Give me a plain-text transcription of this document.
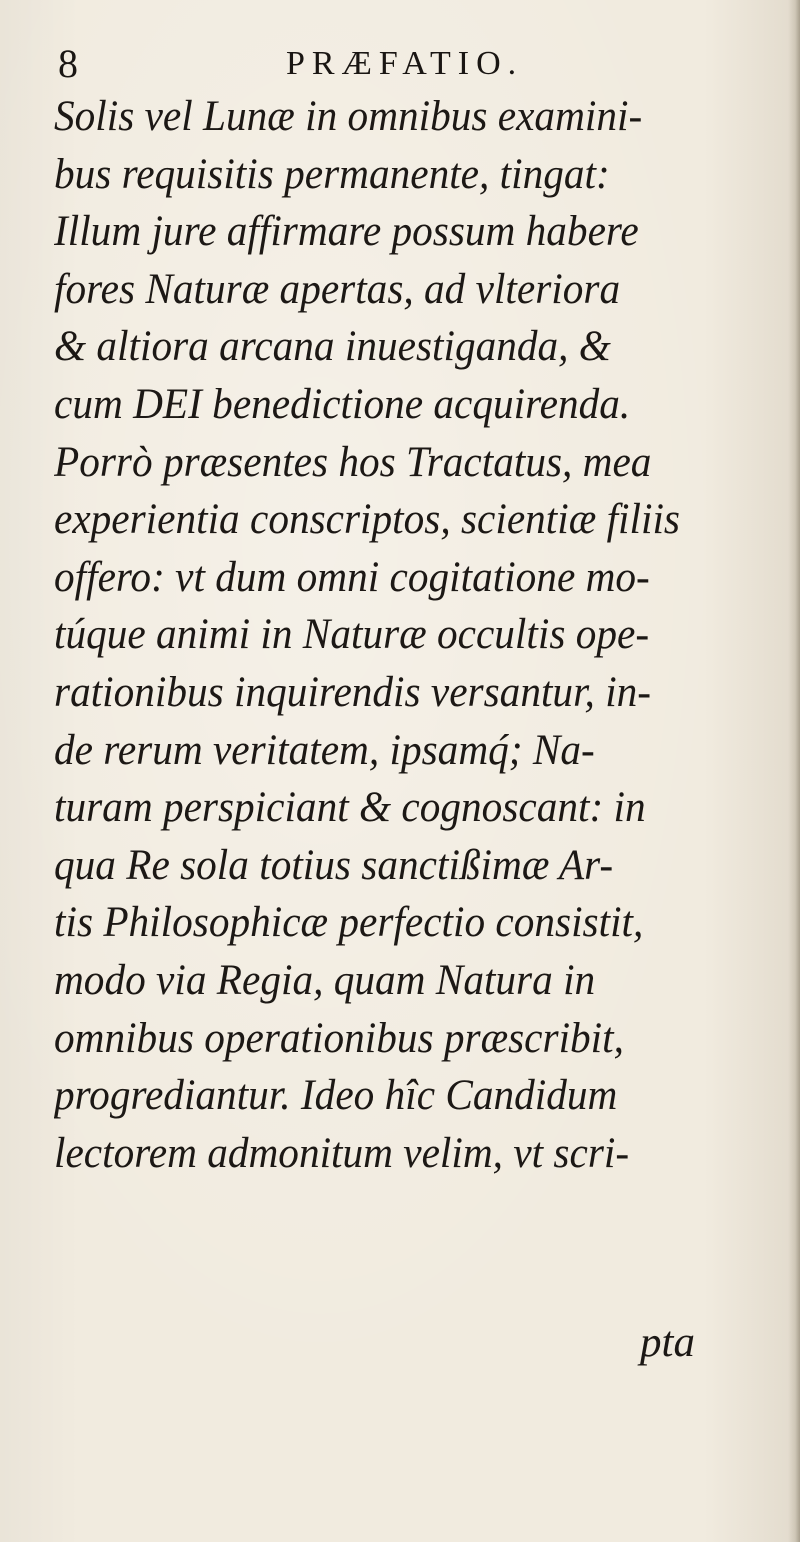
8	PRÆFATIO.
Solis vel Lunæ in omnibus examini-
bus requisitis permanente, tingat:
Illum jure affirmare possum habere
fores Naturæ apertas, ad vlteriora
& altiora arcana inuestiganda, &
cum DEI benedictione acquirenda.
Porrò præsentes hos Tractatus, mea
experientia conscriptos, scientiæ filiis
offero: vt dum omni cogitatione mo-
túque animi in Naturæ occultis ope-
rationibus inquirendis versantur, in-
de rerum veritatem, ipsamq́; Na-
turam perspiciant & cognoscant: in
qua Re sola totius sanctißimæ Ar-
tis Philosophicæ perfectio consistit,
modo via Regia, quam Natura in
omnibus operationibus præscribit,
progrediantur. Ideo hîc Candidum
lectorem admonitum velim, vt scri-
pta
